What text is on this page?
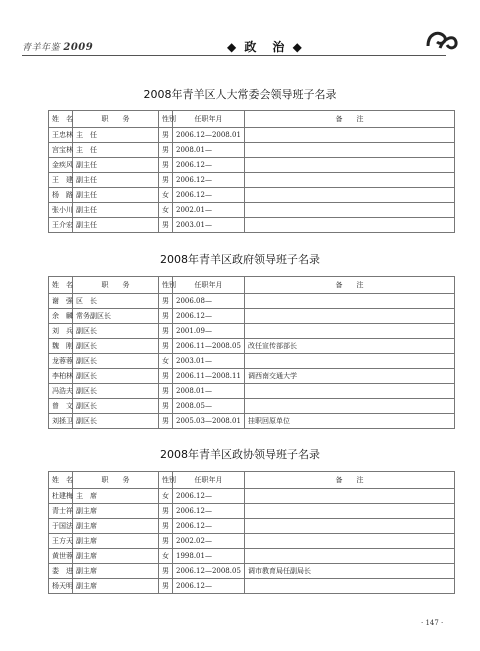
青羊年鉴 2009	◆ 政　治 ◆
2008年青羊区人大常委会领导班子名录
姓　名	职　　务	性别	任职年月	备　　注
王忠林	主　任	男	2006.12—2008.01	
宫宝林	主　任	男	2008.01—	
金疾风	副主任	男	2006.12—	
王　建	副主任	男	2006.12—	
杨　路	副主任	女	2006.12—	
张小川	副主任	女	2002.01—	
王介宏	副主任	男	2003.01—	
2008年青羊区政府领导班子名录
姓　名	职　　务	性别	任职年月	备　　注
谢　强	区　长	男	2006.08—	
余　麟	常务副区长	男	2006.12—	
刘　兵	副区长	男	2001.09—	
魏　刚	副区长	男	2006.11—2008.05	改任宣传部部长
龙蓉蓉	副区长	女	2003.01—	
李柏林	副区长	男	2006.11—2008.11	调西南交通大学
冯浩夫	副区长	男	2008.01—	
曾　文	副区长	男	2008.05—	
刘拯卫	副区长	男	2005.03—2008.01	挂职回原单位
2008年青羊区政协领导班子名录
姓　名	职　　务	性别	任职年月	备　　注
杜建梅	主　席	女	2006.12—	
青士祥	副主席	男	2006.12—	
于国法	副主席	男	2006.12—	
王方天	副主席	男	2002.02—	
黄世蓉	副主席	女	1998.01—	
娄　进	副主席	男	2006.12—2008.05	调市教育局任副局长
杨天明	副主席	男	2006.12—	
· 147 ·
